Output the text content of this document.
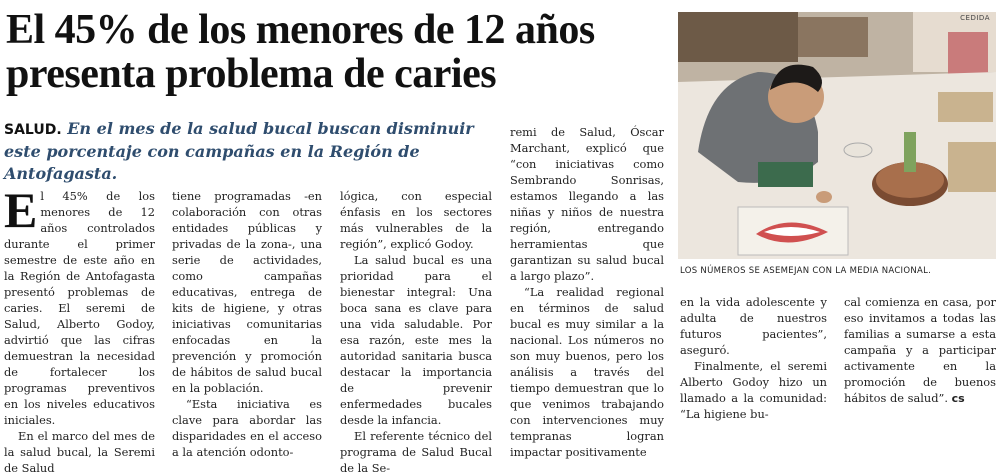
El 45% de los menores de 12 años
presenta problema de caries
SALUD. En el mes de la salud bucal buscan disminuir este porcentaje con campañas en la Región de Antofagasta.
E l 45% de los menores de 12 años controlados durante el primer semestre de este año en la Región de Antofagasta presentó problemas de caries. El seremi de Salud, Alberto Godoy, advirtió que las cifras demuestran la necesidad de fortalecer los programas preventivos en los niveles educativos iniciales.

En el marco del mes de la salud bucal, la Seremi de Salud

tiene programadas -en colaboración con otras entidades públicas y privadas de la zona-, una serie de actividades, como campañas educativas, entrega de kits de higiene, y otras iniciativas comunitarias enfocadas en la prevención y promoción de hábitos de salud bucal en la población.

“Esta iniciativa es clave para abordar las disparidades en el acceso a la atención odonto-

lógica, con especial énfasis en los sectores más vulnerables de la región”, explicó Godoy.

La salud bucal es una prioridad para el bienestar integral: Una boca sana es clave para una vida saludable. Por esa razón, este mes la autoridad sanitaria busca destacar la importancia de prevenir enfermedades bucales desde la infancia.

El referente técnico del programa de Salud Bucal de la Se-

remi de Salud, Óscar Marchant, explicó que “con iniciativas como Sembrando Sonrisas, estamos llegando a las niñas y niños de nuestra región, entregando herramientas que garantizan su salud bucal a largo plazo”.

“La realidad regional en términos de salud bucal es muy similar a la nacional. Los números no son muy buenos, pero los análisis a través del tiempo demuestran que lo que venimos trabajando con intervenciones muy tempranas logran impactar positivamente

CEDIDA
LOS NÚMEROS SE ASEMEJAN CON LA MEDIA NACIONAL.

en la vida adolescente y adulta de nuestros futuros pacientes”, aseguró.

Finalmente, el seremi Alberto Godoy hizo un llamado a la comunidad: “La higiene bu-

cal comienza en casa, por eso invitamos a todas las familias a sumarse a esta campaña y a participar activamente en la promoción de buenos hábitos de salud”. cs
